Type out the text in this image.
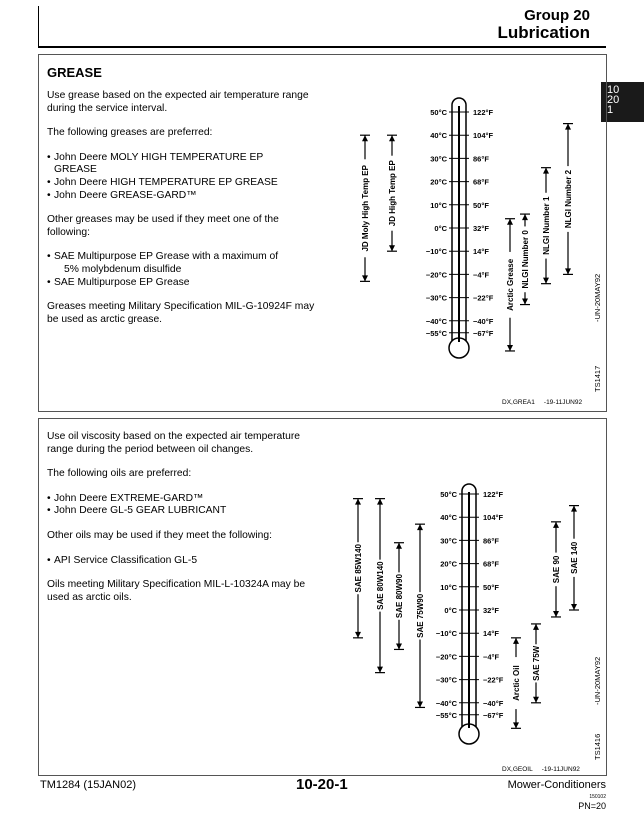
Group 20
Lubrication
10
20
1
GREASE

Use grease based on the expected air temperature range during the service interval.

The following greases are preferred:

• John Deere MOLY HIGH TEMPERATURE EP
GREASE
• John Deere HIGH TEMPERATURE EP GREASE
• John Deere GREASE-GARD™

Other greases may be used if they meet one of the following:

• SAE Multipurpose EP Grease with a maximum of
5% molybdenum disulfide
• SAE Multipurpose EP Grease

Greases meeting Military Specification MIL-G-10924F may be used as arctic grease.

50°C
40°C
30°C
20°C
10°C
0°C
−10°C
−20°C
−30°C
−40°C
−55°C
122°F
104°F
86°F
68°F
50°F
32°F
14°F
−4°F
−22°F
−40°F
−67°F
JD Moly High Temp EP JD High Temp EP
Arctic Grease NLGI Number 0
NLGI Number 1 NLGI Number 2
-UN-20MAY92
TS1417
DX,GREA1 -19-11JUN92

Use oil viscosity based on the expected air temperature range during the period between oil changes.

The following oils are preferred:

• John Deere EXTREME-GARD™
• John Deere GL-5 GEAR LUBRICANT

Other oils may be used if they meet the following:

• API Service Classification GL-5

Oils meeting Military Specification MIL-L-10324A may be used as arctic oils.

50°C
40°C
30°C
20°C
10°C
0°C
−10°C
−20°C
−30°C
−40°C
−55°C
122°F
104°F
86°F
68°F
50°F
32°F
14°F
−4°F
−22°F
−40°F
−67°F
SAE 85W140 SAE 80W140 SAE 80W90 SAE 75W90
Arctic Oil
SAE 75W
SAE 90 SAE 140
-UN-20MAY92
TS1416
DX,GEOIL -19-11JUN92
TM1284 (15JAN02)	10-20-1	Mower-Conditioners
150102
PN=20
